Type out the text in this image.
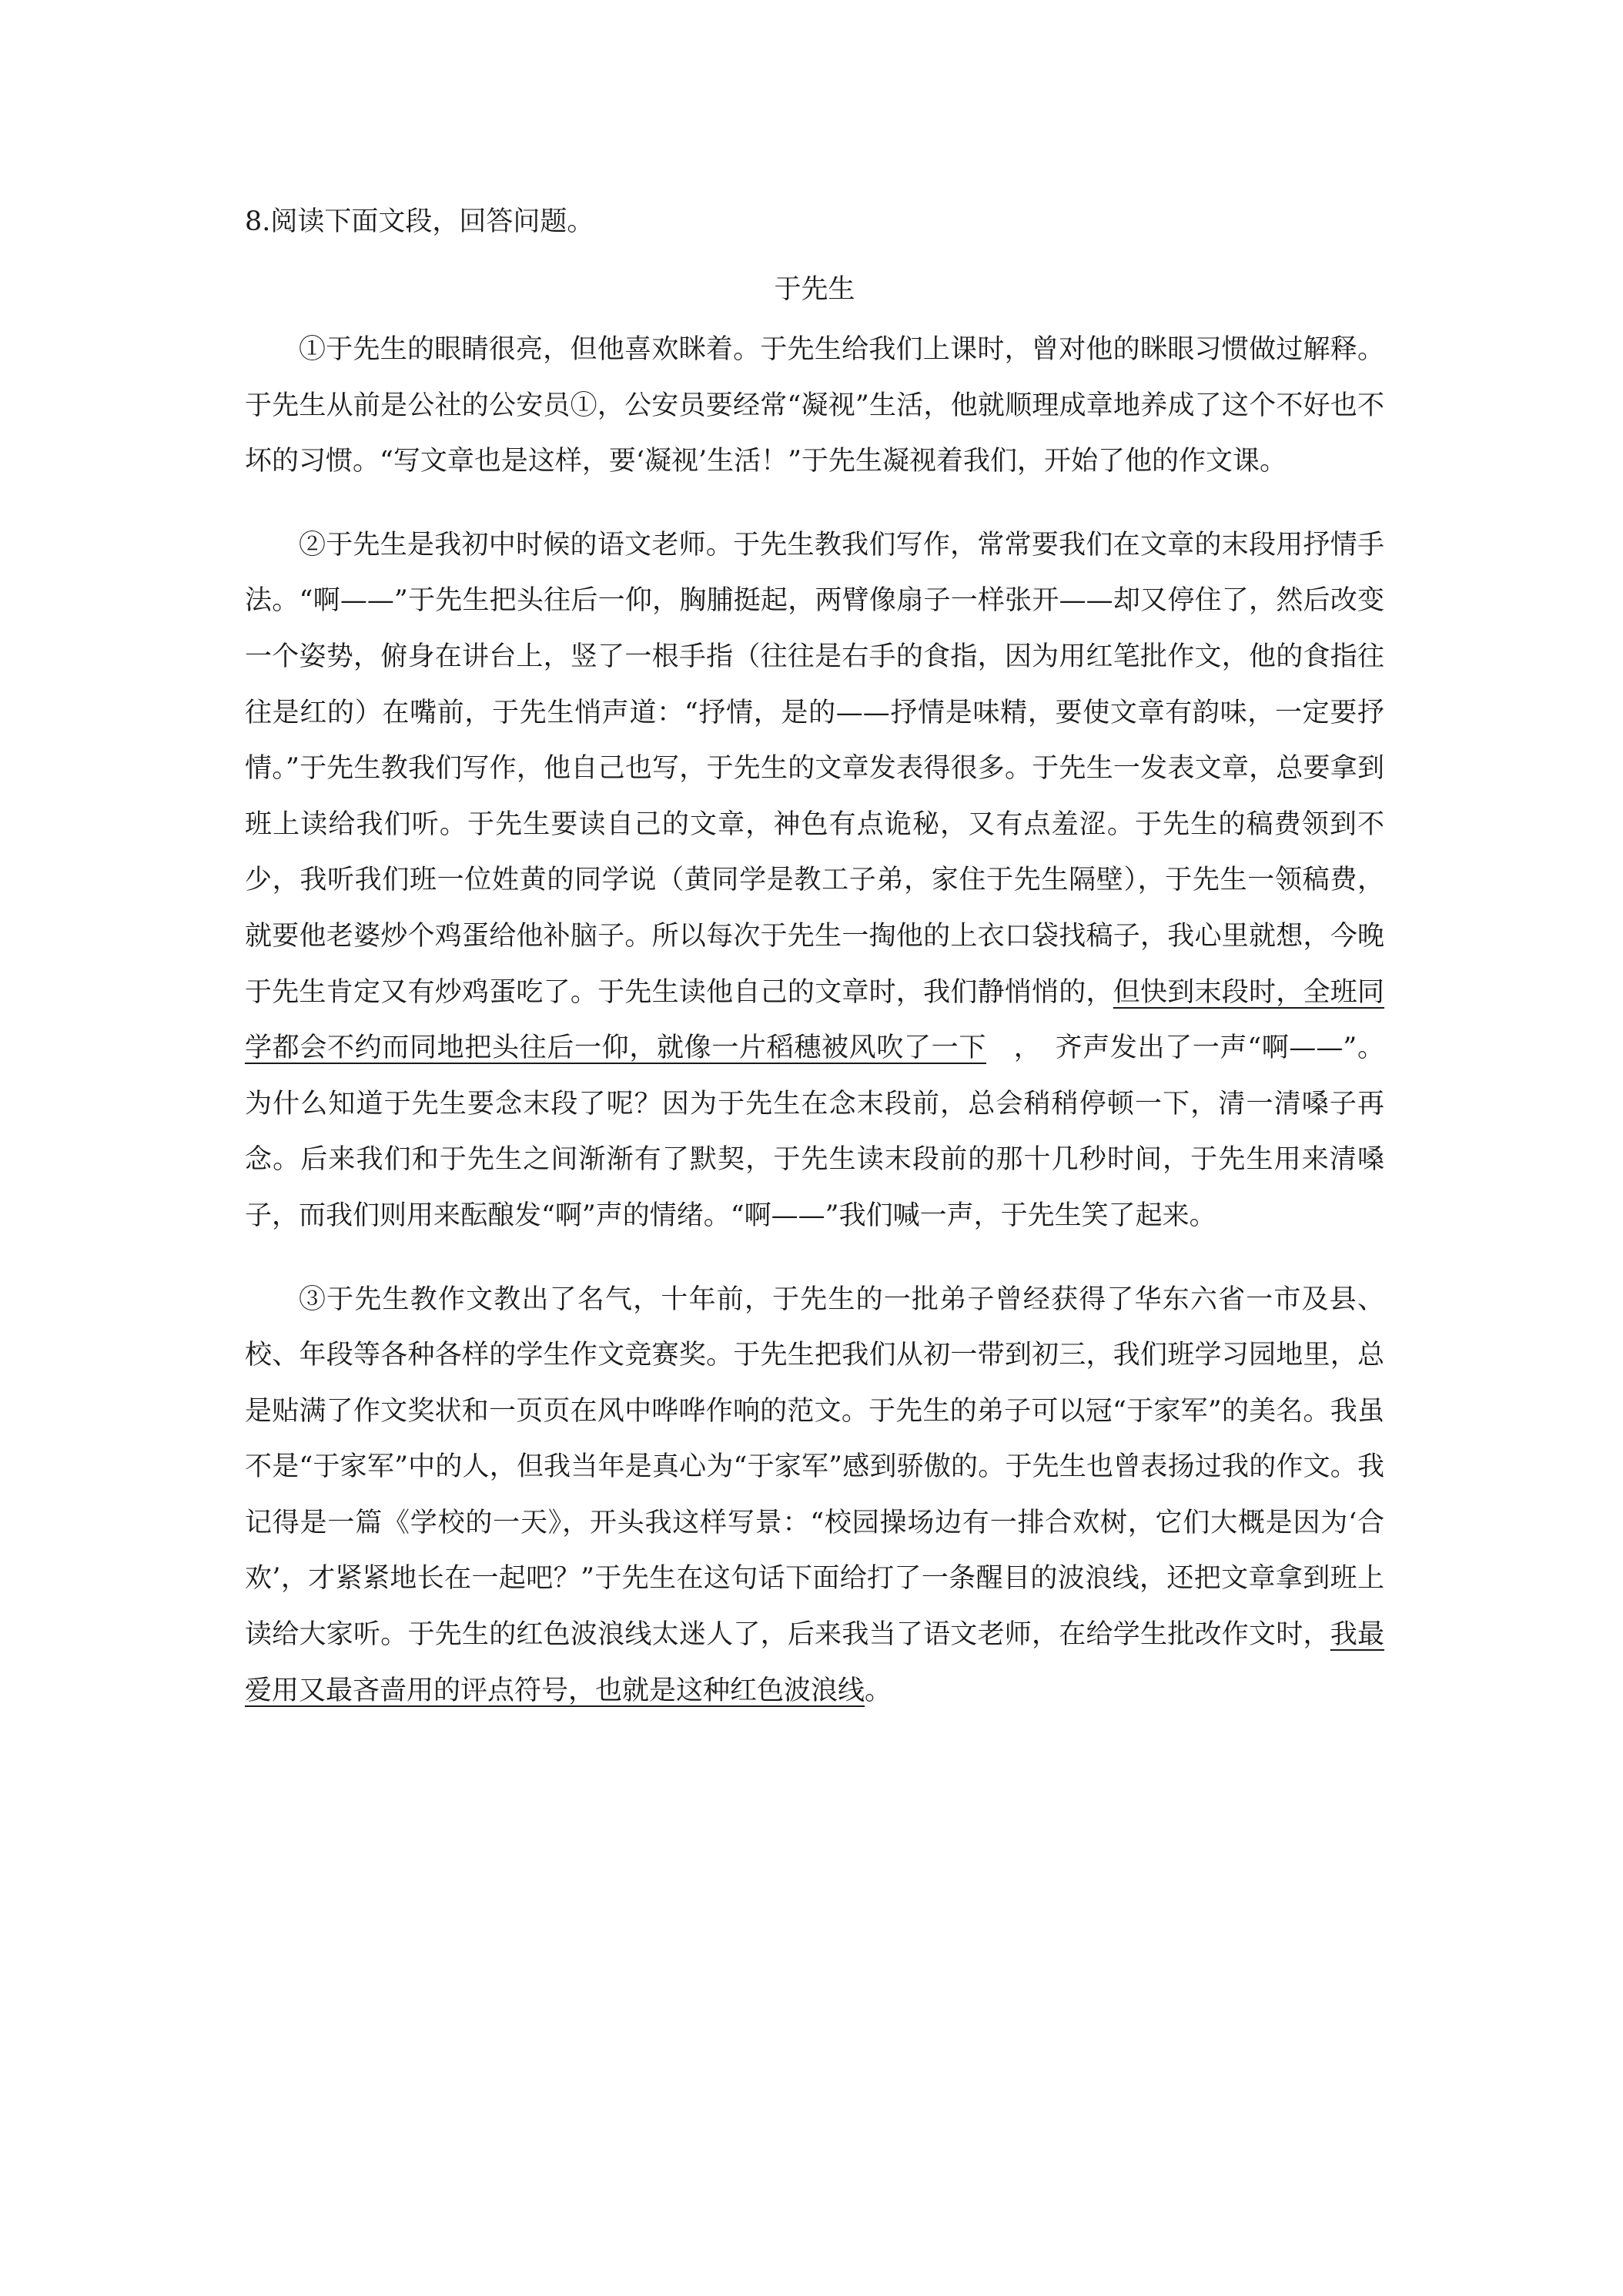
8.阅读下面文段，回答问题。

于先生

①于先生的眼睛很亮，但他喜欢眯着。于先生给我们上课时，曾对他的眯眼习惯做过解释。于先生从前是公社的公安员①，公安员要经常“凝视”生活，他就顺理成章地养成了这个不好也不坏的习惯。“写文章也是这样，要‘凝视’生活！”于先生凝视着我们，开始了他的作文课。

②于先生是我初中时候的语文老师。于先生教我们写作，常常要我们在文章的末段用抒情手法。“啊——”于先生把头往后一仰，胸脯挺起，两臂像扇子一样张开——却又停住了，然后改变一个姿势，俯身在讲台上，竖了一根手指（往往是右手的食指，因为用红笔批作文，他的食指往往是红的）在嘴前，于先生悄声道：“抒情，是的——抒情是味精，要使文章有韵味，一定要抒情。”于先生教我们写作，他自己也写，于先生的文章发表得很多。于先生一发表文章，总要拿到班上读给我们听。于先生要读自己的文章，神色有点诡秘，又有点羞涩。于先生的稿费领到不少，我听我们班一位姓黄的同学说（黄同学是教工子弟，家住于先生隔壁），于先生一领稿费，就要他老婆炒个鸡蛋给他补脑子。所以每次于先生一掏他的上衣口袋找稿子，我心里就想，今晚于先生肯定又有炒鸡蛋吃了。于先生读他自己的文章时，我们静悄悄的，但快到末段时，全班同学都会不约而同地把头往后一仰，就像一片稻穗被风吹了一下　，　齐声发出了一声“啊——”。为什么知道于先生要念末段了呢？因为于先生在念末段前，总会稍稍停顿一下，清一清嗓子再念。后来我们和于先生之间渐渐有了默契，于先生读末段前的那十几秒时间，于先生用来清嗓子，而我们则用来酝酿发“啊”声的情绪。“啊——”我们喊一声，于先生笑了起来。

③于先生教作文教出了名气，十年前，于先生的一批弟子曾经获得了华东六省一市及县、校、年段等各种各样的学生作文竞赛奖。于先生把我们从初一带到初三，我们班学习园地里，总是贴满了作文奖状和一页页在风中哗哗作响的范文。于先生的弟子可以冠“于家军”的美名。我虽不是“于家军”中的人，但我当年是真心为“于家军”感到骄傲的。于先生也曾表扬过我的作文。我记得是一篇《学校的一天》，开头我这样写景：“校园操场边有一排合欢树，它们大概是因为‘合欢’，才紧紧地长在一起吧？”于先生在这句话下面给打了一条醒目的波浪线，还把文章拿到班上读给大家听。于先生的红色波浪线太迷人了，后来我当了语文老师，在给学生批改作文时，我最爱用又最吝啬用的评点符号，也就是这种红色波浪线。
